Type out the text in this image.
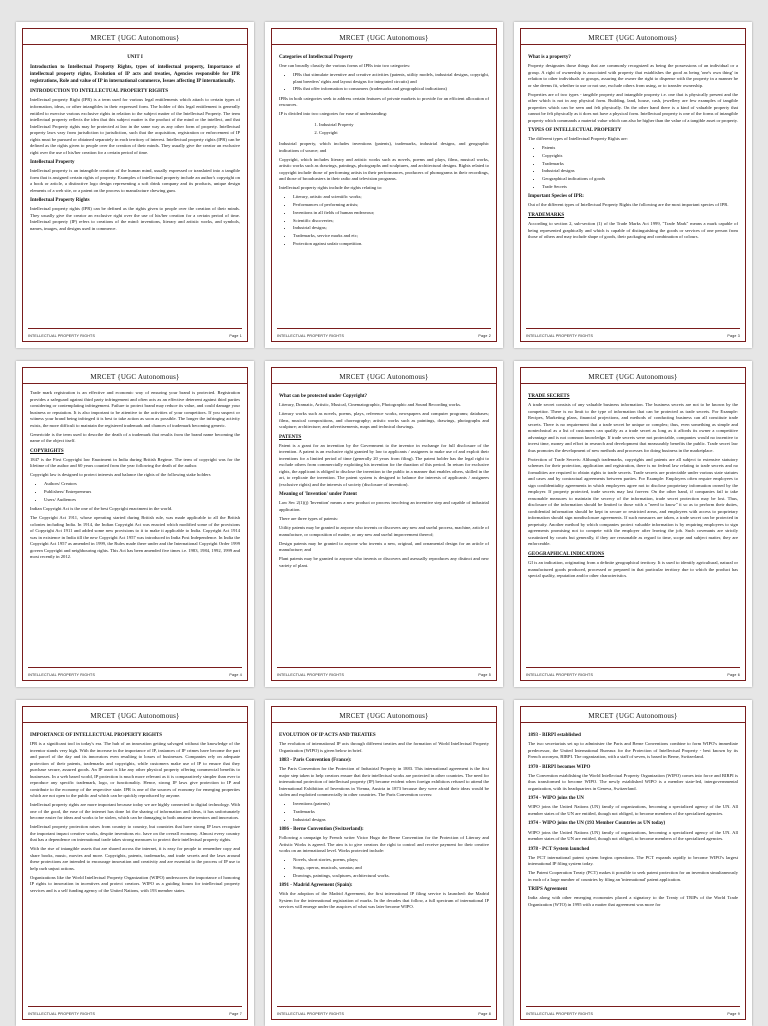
MRCET {UGC Autonomous}
UNIT I
Introduction to Intellectual Property Rights, types of intellectual property, Importance of intellectual property rights, Evolution of IP acts and treaties, Agencies responsible for IPR registrations, Role and value of IP in international commerce, Issues affecting IP internationally.
INTRODUCTION TO INTELLECTUAL PROPERTY RIGHTS

Intellectual property Right (IPR) is a term used for various legal entitlements which attach to certain types of information, ideas, or other intangibles in their expressed form. The holder of this legal entitlement is generally entitled to exercise various exclusive rights in relation to the subject matter of the Intellectual Property. The term intellectual property reflects the idea that this subject matter is the product of the mind or the intellect, and that Intellectual Property rights may be protected at law in the same way as any other form of property. Intellectual property laws vary from jurisdiction to jurisdiction, such that the acquisition, registration or enforcement of IP rights must be pursued or obtained separately in each territory of interest. Intellectual property rights (IPR) can be defined as the rights given to people over the creation of their minds. They usually give the creator an exclusive right over the use of his/her creation for a certain period of time.

Intellectual Property

Intellectual property is an intangible creation of the human mind, usually expressed or translated into a tangible form that is assigned certain rights of property. Examples of intellectual property include an author's copyright on a book or article, a distinctive logo design representing a soft drink company and its products, unique design elements of a web site, or a patent on the process to manufacture chewing gum.

Intellectual Property Rights

Intellectual property rights (IPR) can be defined as the rights given to people over the creation of their minds. They usually give the creator an exclusive right over the use of his/her creation for a certain period of time. Intellectual property (IP) refers to creations of the mind: inventions, literary and artistic works, and symbols, names, images, and designs used in commerce.

INTELLECTUAL PROPERTY RIGHTS	Page 1
MRCET {UGC Autonomous}
Categories of Intellectual Property

One can broadly classify the various forms of IPRs into two categories:

• IPRs that stimulate inventive and creative activities (patents, utility models, industrial designs, copyright, plant breeders' rights and layout designs for integrated circuits) and
• IPRs that offer information to consumers (trademarks and geographical indications)

IPRs in both categories seek to address certain features of private markets to provide for an efficient allocation of resources.

IP is divided into two categories for ease of understanding:

1. Industrial Property
2. Copyright

Industrial property, which includes inventions (patents), trademarks, industrial designs, and geographic indications of source; and

Copyright, which includes literary and artistic works such as novels, poems and plays, films, musical works, artistic works such as drawings, paintings, photographs and sculptures, and architectural designs. Rights related to copyright include those of performing artists in their performances, producers of phonograms in their recordings, and those of broadcasters in their radio and television programs.

Intellectual property rights include the rights relating to:

• Literary, artistic and scientific works;
• Performances of performing artists;
• Inventions in all fields of human endeavour;
• Scientific discoveries;
• Industrial designs;
• Trademarks, service marks and etc;
• Protection against unfair competition.
INTELLECTUAL PROPERTY RIGHTS	Page 2
MRCET {UGC Autonomous}
What is a property?

Property designates those things that are commonly recognized as being the possessions of an individual or a group. A right of ownership is associated with property that establishes the good as being 'one's own thing' in relation to other individuals or groups, assuring the owner the right to dispense with the property in a manner he or she deems fit, whether to use or not use, exclude others from using, or to transfer ownership.

Properties are of two types - tangible property and intangible property i.e. one that is physically present and the other which is not in any physical form. Building, land, house, cash, jewellery are few examples of tangible properties which can be seen and felt physically. On the other hand there is a kind of valuable property that cannot be felt physically as it does not have a physical form. Intellectual property is one of the forms of intangible property which commands a material value which can also be higher than the value of a tangible asset or property.

TYPES OF INTELLECTUAL PROPERTY

The different types of Intellectual Property Rights are:

• Patents
• Copyrights
• Trademarks
• Industrial designs
• Geographical indications of goods
• Trade Secrets
Important Species of IPR:

Out of the different types of Intellectual Property Rights the following are the most important species of IPR.

TRADEMARKS

According to section 2, sub-section (1) of the Trade Marks Act 1999, "Trade Mark" means a mark capable of being represented graphically and which is capable of distinguishing the goods or services of one person from those of others and may include shape of goods, their packaging and combination of colours.

INTELLECTUAL PROPERTY RIGHTS	Page 3
MRCET {UGC Autonomous}

Trade mark registration is an effective and economic way of ensuring your brand is protected. Registration provides a safeguard against third party infringement and often acts as an effective deterrent against third parties considering or contemplating infringement. Failure to protect brand may reduce its value, and could damage your business or reputation. It is also important to be attentive to the activities of your competitors. If you suspect or witness your brand being infringed it is best to take action as soon as possible. The longer the infringing activity exists, the more difficult to maintain the registered trademark and chances of trademark becoming generic.

Genericide is the term used to describe the death of a trademark that results from the brand name becoming the name of the object itself.

COPYRIGHTS

1847 is the First Copyright law Enactment in India during British Regime. The term of copyright was for the lifetime of the author and 60 years counted from the year following the death of the author.

Copyright law is designed to protect interests and balance the rights of the following stake holders

• Authors/ Creators
• Publishers/ Entrepreneurs
• Users/ Audiences

Indian Copyright Act is the one of the best Copyright enactment in the world.

The Copyright Act 1911, whose operating started during British rule, was made applicable to all the British colonies including India. In 1914, the Indian Copyright Act was enacted which modified some of the provisions of Copyright Act 1911 and added some new provisions to it to make it applicable to India. Copyright Act 1914 was in existence in India till the new Copyright Act 1957 was introduced in India Post Independence. In India the Copyright Act 1957 as amended in 1999, the Rules made there under and the International Copyright Order 1999 govern Copyright and neighbouring rights. This Act has been amended five times i.e. 1983, 1984, 1992, 1999 and most recently in 2012.

INTELLECTUAL PROPERTY RIGHTS	Page 4
MRCET {UGC Autonomous}
What can be protected under Copyright?

Literary, Dramatic, Artistic, Musical, Cinematographic, Photographic and Sound Recording works.

Literary works such as novels, poems, plays, reference works, newspapers and computer programs; databases; films, musical compositions, and choreography; artistic works such as paintings, drawings, photographs and sculpture; architecture; and advertisements, maps and technical drawings.

PATENTS

Patent is a grant for an invention by the Government to the inventor in exchange for full disclosure of the invention. A patent is an exclusive right granted by law to applicants / assignees to make use of and exploit their inventions for a limited period of time (generally 20 years from filing). The patent holder has the legal right to exclude others from commercially exploiting his invention for the duration of this period. In return for exclusive rights, the applicant is obliged to disclose the invention to the public in a manner that enables others, skilled in the art, to replicate the invention. The patent system is designed to balance the interests of applicants / assignees (exclusive rights) and the interests of society (disclosure of invention).

Meaning of 'Invention' under Patent

Law Sec 2(1)(j) 'Invention' means a new product or process involving an inventive step and capable of industrial application.

There are three types of patents:

Utility patents may be granted to anyone who invents or discovers any new and useful process, machine, article of manufacture, or composition of matter, or any new and useful improvement thereof;

Design patents may be granted to anyone who invents a new, original, and ornamental design for an article of manufacture; and

Plant patents may be granted to anyone who invents or discovers and asexually reproduces any distinct and new variety of plant.

INTELLECTUAL PROPERTY RIGHTS	Page 5
MRCET {UGC Autonomous}
TRADE SECRETS

A trade secret consists of any valuable business information. The business secrets are not to be known by the competitor. There is no limit to the type of information that can be protected as trade secrets. For Example: Recipes, Marketing plans, financial projections, and methods of conducting business can all constitute trade secrets. There is no requirement that a trade secret be unique or complex; thus, even something as simple and nontechnical as a list of customers can qualify as a trade secret as long as it affords its owner a competitive advantage and is not common knowledge. If trade secrets were not protectable, companies would no incentive to invest time, money and effort in research and development that measurably benefits the public. Trade secret law thus promotes the development of new methods and processes for doing business in the marketplace.

Protection of Trade Secrets: Although trademarks, copyrights and patents are all subject to extensive statutory schemes for their protection, application and registration, there is no federal law relating to trade secrets and no formalities are required to obtain rights to trade secrets. Trade secrets are protectable under various state statutes and cases and by contractual agreements between parties. For Example: Employers often require employees to sign confidentiality agreements in which employees agree not to disclose proprietary information owned by the employer. If property protected, trade secrets may last forever. On the other hand, if companies fail to take reasonable measures to maintain the secrecy of the information, trade secret protection may be lost. Thus, disclosure of the information should be limited to those with a "need to know" it so as to perform their duties, confidential information should be kept in secure or restricted areas, and employees with access to proprietary information should sign nondisclosure agreements. If such measures are taken, a trade secret can be protected in perpetuity. Another method by which companies protect valuable information is by requiring employees to sign agreements promising not to compete with the employer after leaving the job. Such covenants are strictly scrutinized by courts but generally, if they are reasonable as regard to time, scope and subject matter, they are enforceable.

GEOGRAPHICAL INDICATIONS

GI is an indication, originating from a definite geographical territory. It is used to identify agricultural, natural or manufactured goods produced, processed or prepared in that particular territory due to which the product has special quality, reputation and/or other characteristics.

INTELLECTUAL PROPERTY RIGHTS	Page 6
MRCET {UGC Autonomous}
IMPORTANCE OF INTELLECTUAL PROPERTY RIGHTS

IPR is a significant tool in today's era. The hub of an innovation getting salvaged without the knowledge of the inventor stands very high. With the increase in the importance of IP, instances of IP crimes have become the part and parcel of the day and its innovators even resulting to losses of businesses. Companies rely on adequate protection of their patents, trademarks and copyrights, while customers make use of IP to ensure that they purchase secure, assured goods. An IP asset is like any other physical property offering commercial benefits to businesses. In a web based world, IP protection is much more relevant as it is comparatively simpler than ever to reproduce any specific trademark, logo, or functionality. Hence, strong IP laws give protection to IP and contribute to the economy of the respective state. IPR is one of the sources of economy for emerging properties which are not open to the public and which can be quickly reproduced by anyone.

Intellectual property rights are more important because today we are highly connected to digital technology. With one of the good, the ease of the internet has done lot the sharing of information and ideas, it has unfortunately become easier for ideas and works to be stolen, which can be damaging to both amateur inventors and innovators.

Intellectual property protection raises from country to country, but countries that have strong IP laws recognize the important impact creative works, despite inventions etc. have on the overall economy. Almost every country that has a dependence on international trade takes strong measures to protect their intellectual property rights.

With the rise of intangible assets that are shared across the internet, it is easy for people to remember copy and share books, music, movies and more. Copyrights, patents, trademarks, and trade secrets and the laws around these protections are intended to encourage innovation and creativity and are essential to the process of IP use to help curb unjust actions.

Organizations like the World Intellectual Property Organization (WIPO) underscores the importance of honoring IP rights to innovation in incentives and protect creators. WIPO as a guiding forum for intellectual property services and is a self funding agency of the United Nations, with 193 member states.

INTELLECTUAL PROPERTY RIGHTS	Page 7
MRCET {UGC Autonomous}
EVOLUTION OF IP ACTS AND TREATIES

The evolution of international IP acts through different treaties and the formation of World Intellectual Property Organization (WIPO) is given below in brief.

1883 - Paris Convention (France):

The Paris Convention for the Protection of Industrial Property in 1883. This international agreement is the first major step taken to help creators ensure that their intellectual works are protected in other countries. The need for international protection of intellectual property (IP) became evident when foreign exhibitors refused to attend the International Exhibition of Inventions in Vienna, Austria in 1873 because they were afraid their ideas would be stolen and exploited commercially in other countries. The Paris Convention covers:

• Inventions (patents)
• Trademarks
• Industrial designs
1886 - Berne Convention (Switzerland):

Following a campaign by French writer Victor Hugo the Berne Convention for the Protection of Literary and Artistic Works is agreed. The aim is to give creators the right to control and receive payment for their creative works on an international level. Works protected include:

• Novels, short stories, poems, plays;
• Songs, operas, musicals, sonatas; and
• Drawings, paintings, sculptures, architectural works.
1891 - Madrid Agreement (Spain):

With the adoption of the Madrid Agreement, the first international IP filing service is launched: the Madrid System for the international registration of marks. In the decades that follow, a full spectrum of international IP services will emerge under the auspices of what was later become WIPO.

INTELLECTUAL PROPERTY RIGHTS	Page 8
MRCET {UGC Autonomous}
1893 - BIRPI established

The two secretariats set up to administer the Paris and Berne Conventions combine to form WIPO's immediate predecessor, the United International Bureaux for the Protection of Intellectual Property - best known by its French acronym, BIRPI. The organization, with a staff of seven, is based in Berne, Switzerland.

1970 - BIRPI becomes WIPO

The Convention establishing the World Intellectual Property Organization (WIPO) comes into force and BIRPI is thus transformed to become WIPO. The newly established WIPO is a member state-led, intergovernmental organization, with its headquarters in Geneva, Switzerland.

1974 - WIPO joins the UN

WIPO joins the United Nations (UN) family of organizations, becoming a specialized agency of the UN. All member states of the UN are entitled, though not obliged, to become members of the specialized agencies.

1974 - WIPO joins the UN (193 Member Countries as UN today)

WIPO joins the United Nations (UN) family of organizations, becoming a specialized agency of the UN. All member states of the UN are entitled, though not obliged, to become members of the specialized agencies.

1978 - PCT System launched

The PCT international patent system begins operations. The PCT expands rapidly to become WIPO's largest international IP filing system today.

The Patent Cooperation Treaty (PCT) makes it possible to seek patent protection for an invention simultaneously in each of a large number of countries by filing an 'international' patent application.

TRIPS Agreement

India along with other emerging economies placed a signatory to the Treaty of TRIPs of the World Trade Organization (WTO) in 1995 with a matter that agreement was more for

INTELLECTUAL PROPERTY RIGHTS	Page 9
